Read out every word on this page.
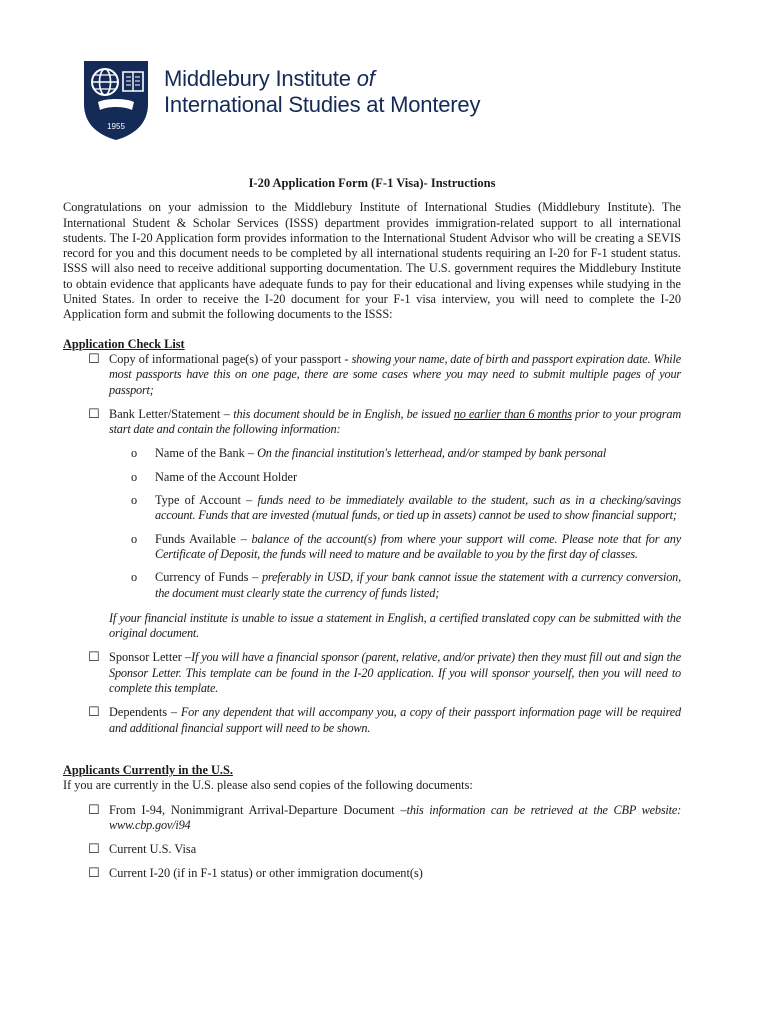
1955
Middlebury Institute of
International Studies at Monterey

I-20 Application Form (F-1 Visa)- Instructions

Congratulations on your admission to the Middlebury Institute of International Studies (Middlebury Institute). The International Student & Scholar Services (ISSS) department provides immigration-related support to all international students. The I-20 Application form provides information to the International Student Advisor who will be creating a SEVIS record for you and this document needs to be completed by all international students requiring an I-20 for F-1 student status. ISSS will also need to receive additional supporting documentation. The U.S. government requires the Middlebury Institute to obtain evidence that applicants have adequate funds to pay for their educational and living expenses while studying in the United States. In order to receive the I-20 document for your F-1 visa interview, you will need to complete the I-20 Application form and submit the following documents to the ISSS:

Application Check List

☐ Copy of informational page(s) of your passport - showing your name, date of birth and passport expiration date. While most passports have this on one page, there are some cases where you may need to submit multiple pages of your passport;
☐ Bank Letter/Statement – this document should be in English, be issued no earlier than 6 months prior to your program start date and contain the following information:
o Name of the Bank – On the financial institution's letterhead, and/or stamped by bank personal
o Name of the Account Holder
o Type of Account – funds need to be immediately available to the student, such as in a checking/savings account. Funds that are invested (mutual funds, or tied up in assets) cannot be used to show financial support;
o Funds Available – balance of the account(s) from where your support will come. Please note that for any Certificate of Deposit, the funds will need to mature and be available to you by the first day of classes.
o Currency of Funds – preferably in USD, if your bank cannot issue the statement with a currency conversion, the document must clearly state the currency of funds listed;

If your financial institute is unable to issue a statement in English, a certified translated copy can be submitted with the original document.

☐ Sponsor Letter –If you will have a financial sponsor (parent, relative, and/or private) then they must fill out and sign the Sponsor Letter. This template can be found in the I-20 application. If you will sponsor yourself, then you will need to complete this template.
☐ Dependents – For any dependent that will accompany you, a copy of their passport information page will be required and additional financial support will need to be shown.

Applicants Currently in the U.S.

If you are currently in the U.S. please also send copies of the following documents:

☐ From I-94, Nonimmigrant Arrival-Departure Document –this information can be retrieved at the CBP website: www.cbp.gov/i94
☐ Current U.S. Visa
☐ Current I-20 (if in F-1 status) or other immigration document(s)
